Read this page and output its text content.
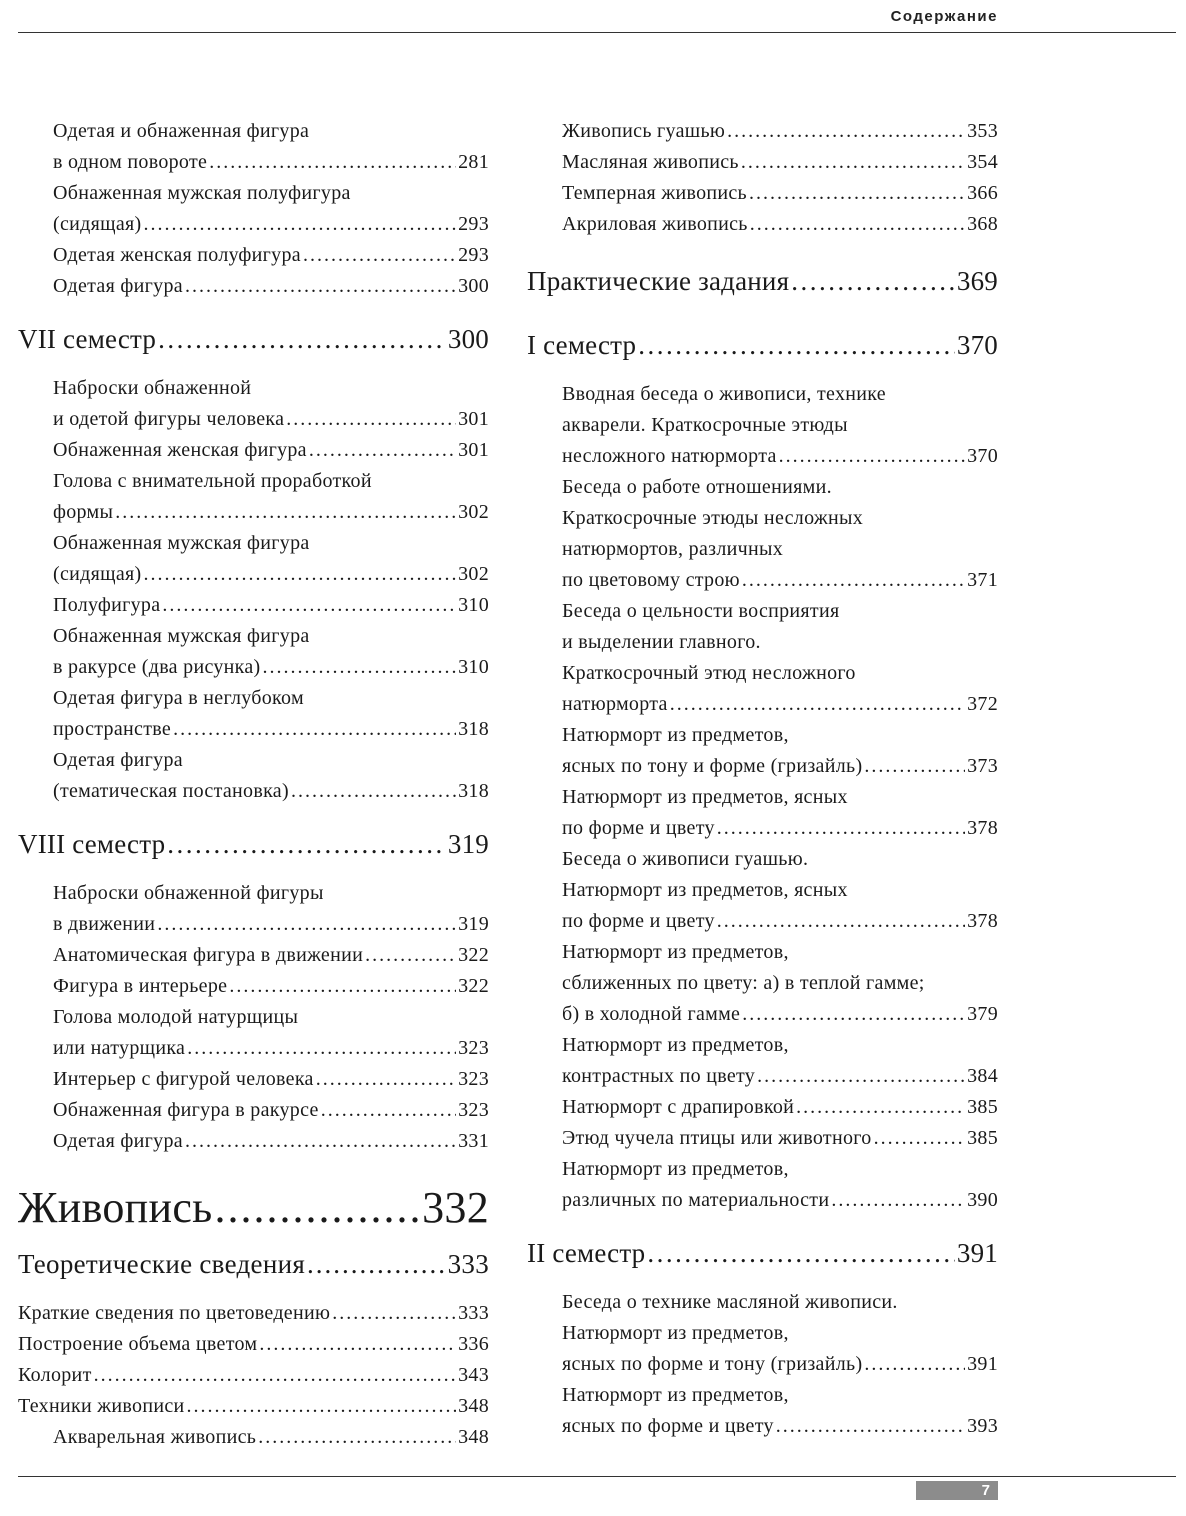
Содержание
Одетая и обнаженная фигура
в одном повороте .....	281
Обнаженная мужская полуфигура
(сидящая) .....	293
Одетая женская полуфигура .....	293
Одетая фигура .....	300
VII семестр .....	300
Наброски обнаженной
и одетой фигуры человека .....	301
Обнаженная женская фигура .....	301
Голова с внимательной проработкой
формы .....	302
Обнаженная мужская фигура
(сидящая) .....	302
Полуфигура .....	310
Обнаженная мужская фигура
в ракурсе (два рисунка) .....	310
Одетая фигура в неглубоком
пространстве .....	318
Одетая фигура
(тематическая постановка) .....	318
VIII семестр .....	319
Наброски обнаженной фигуры
в движении .....	319
Анатомическая фигура в движении .....	322
Фигура в интерьере .....	322
Голова молодой натурщицы
или натурщика .....	323
Интерьер с фигурой человека .....	323
Обнаженная фигура в ракурсе .....	323
Одетая фигура .....	331
Живопись .....	332
Теоретические сведения .....	333
Краткие сведения по цветоведению .....	333
Построение объема цветом .....	336
Колорит .....	343
Техники живописи .....	348
Акварельная живопись .....	348
Живопись гуашью .....	353
Масляная живопись .....	354
Темперная живопись .....	366
Акриловая живопись .....	368
Практические задания .....	369
I семестр .....	370
Вводная беседа о живописи, технике
акварели. Краткосрочные этюды
несложного натюрморта .....	370
Беседа о работе отношениями.
Краткосрочные этюды несложных
натюрмортов, различных
по цветовому строю .....	371
Беседа о цельности восприятия
и выделении главного.
Краткосрочный этюд несложного
натюрморта .....	372
Натюрморт из предметов,
ясных по тону и форме (гризайль) .....	373
Натюрморт из предметов, ясных
по форме и цвету .....	378
Беседа о живописи гуашью.
Натюрморт из предметов, ясных
по форме и цвету .....	378
Натюрморт из предметов,
сближенных по цвету: а) в теплой гамме;
б) в холодной гамме .....	379
Натюрморт из предметов,
контрастных по цвету .....	384
Натюрморт с драпировкой .....	385
Этюд чучела птицы или животного .....	385
Натюрморт из предметов,
различных по материальности .....	390
II семестр .....	391
Беседа о технике масляной живописи.
Натюрморт из предметов,
ясных по форме и тону (гризайль) .....	391
Натюрморт из предметов,
ясных по форме и цвету .....	393
7
